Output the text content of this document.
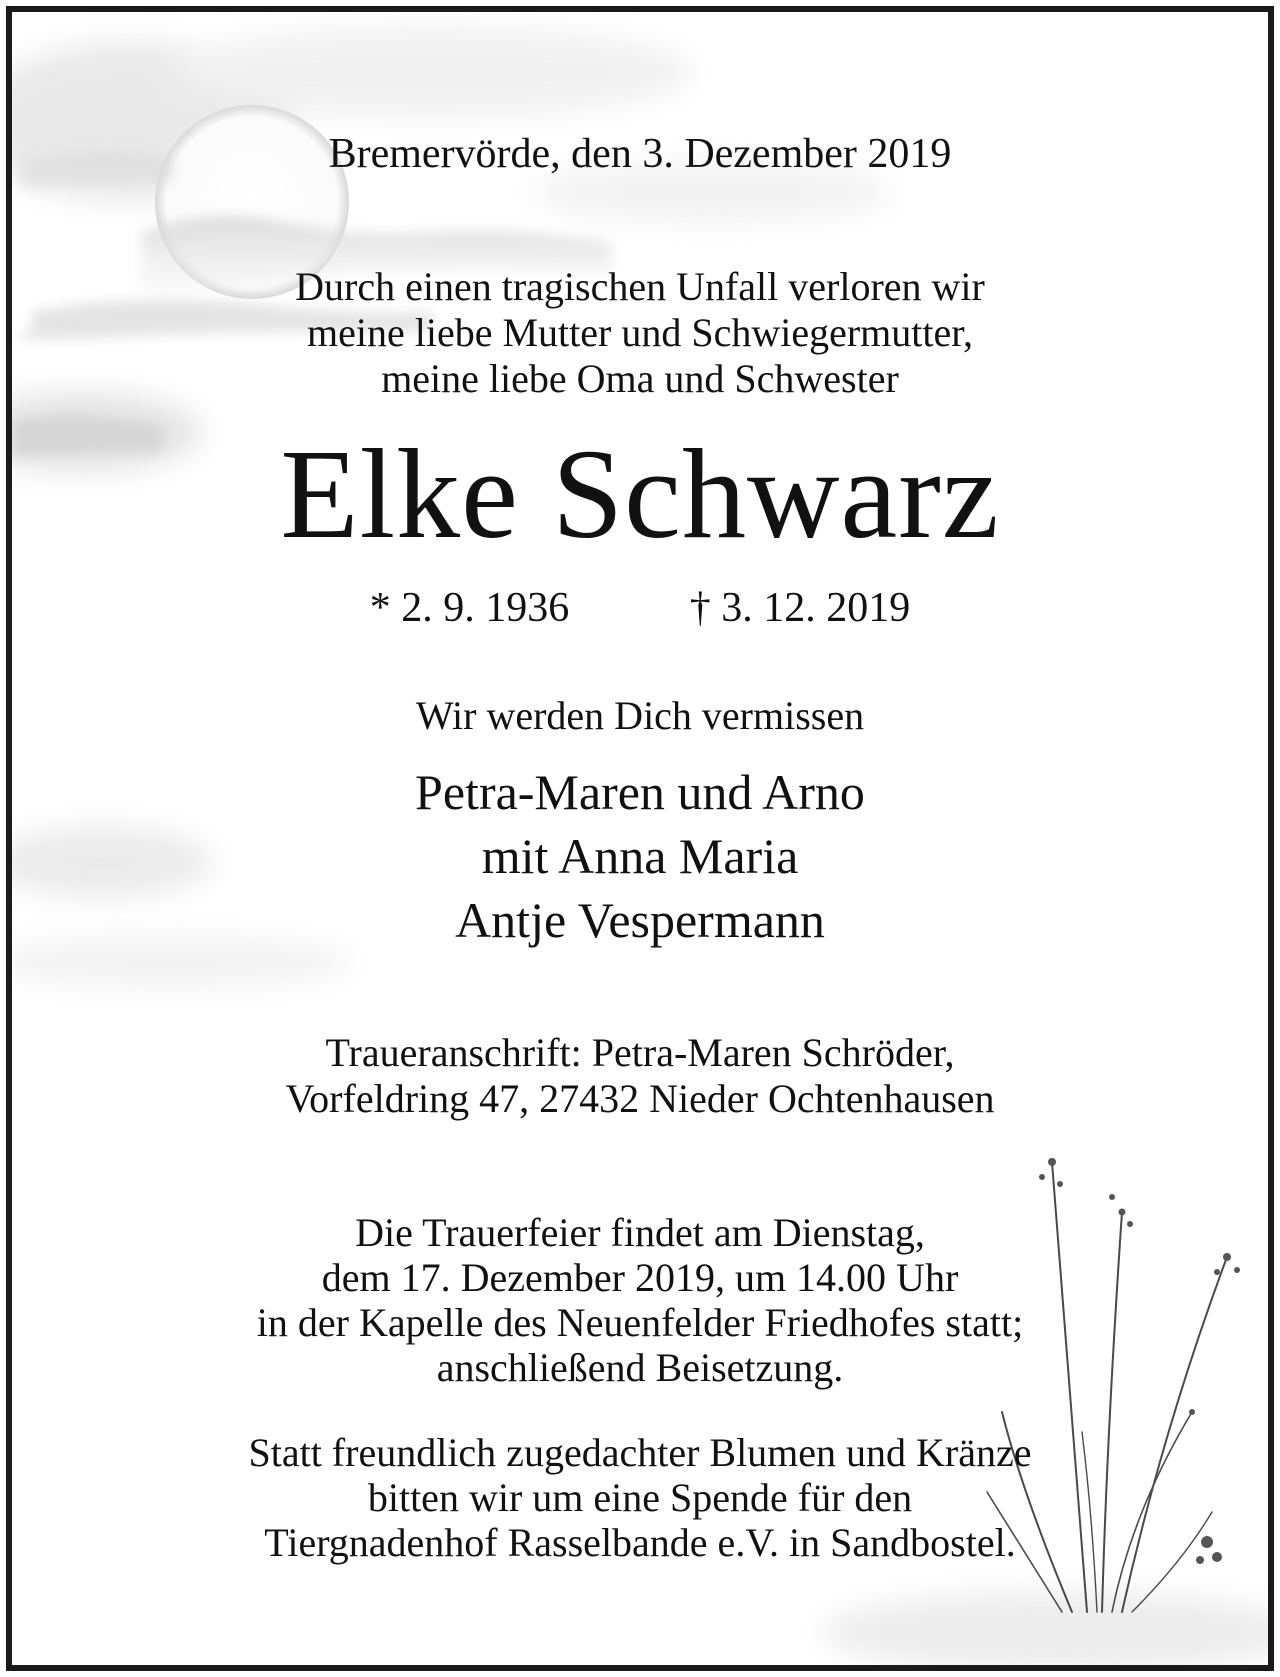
Bremervörde, den 3. Dezember 2019
Durch einen tragischen Unfall verloren wir
meine liebe Mutter und Schwiegermutter,
meine liebe Oma und Schwester
Elke Schwarz
* 2. 9. 1936	† 3. 12. 2019
Wir werden Dich vermissen
Petra-Maren und Arno
mit Anna Maria
Antje Vespermann
Traueranschrift: Petra-Maren Schröder,
Vorfeldring 47, 27432 Nieder Ochtenhausen
Die Trauerfeier findet am Dienstag,
dem 17. Dezember 2019, um 14.00 Uhr
in der Kapelle des Neuenfelder Friedhofes statt;
anschließend Beisetzung.
Statt freundlich zugedachter Blumen und Kränze
bitten wir um eine Spende für den
Tiergnadenhof Rasselbande e.V. in Sandbostel.
